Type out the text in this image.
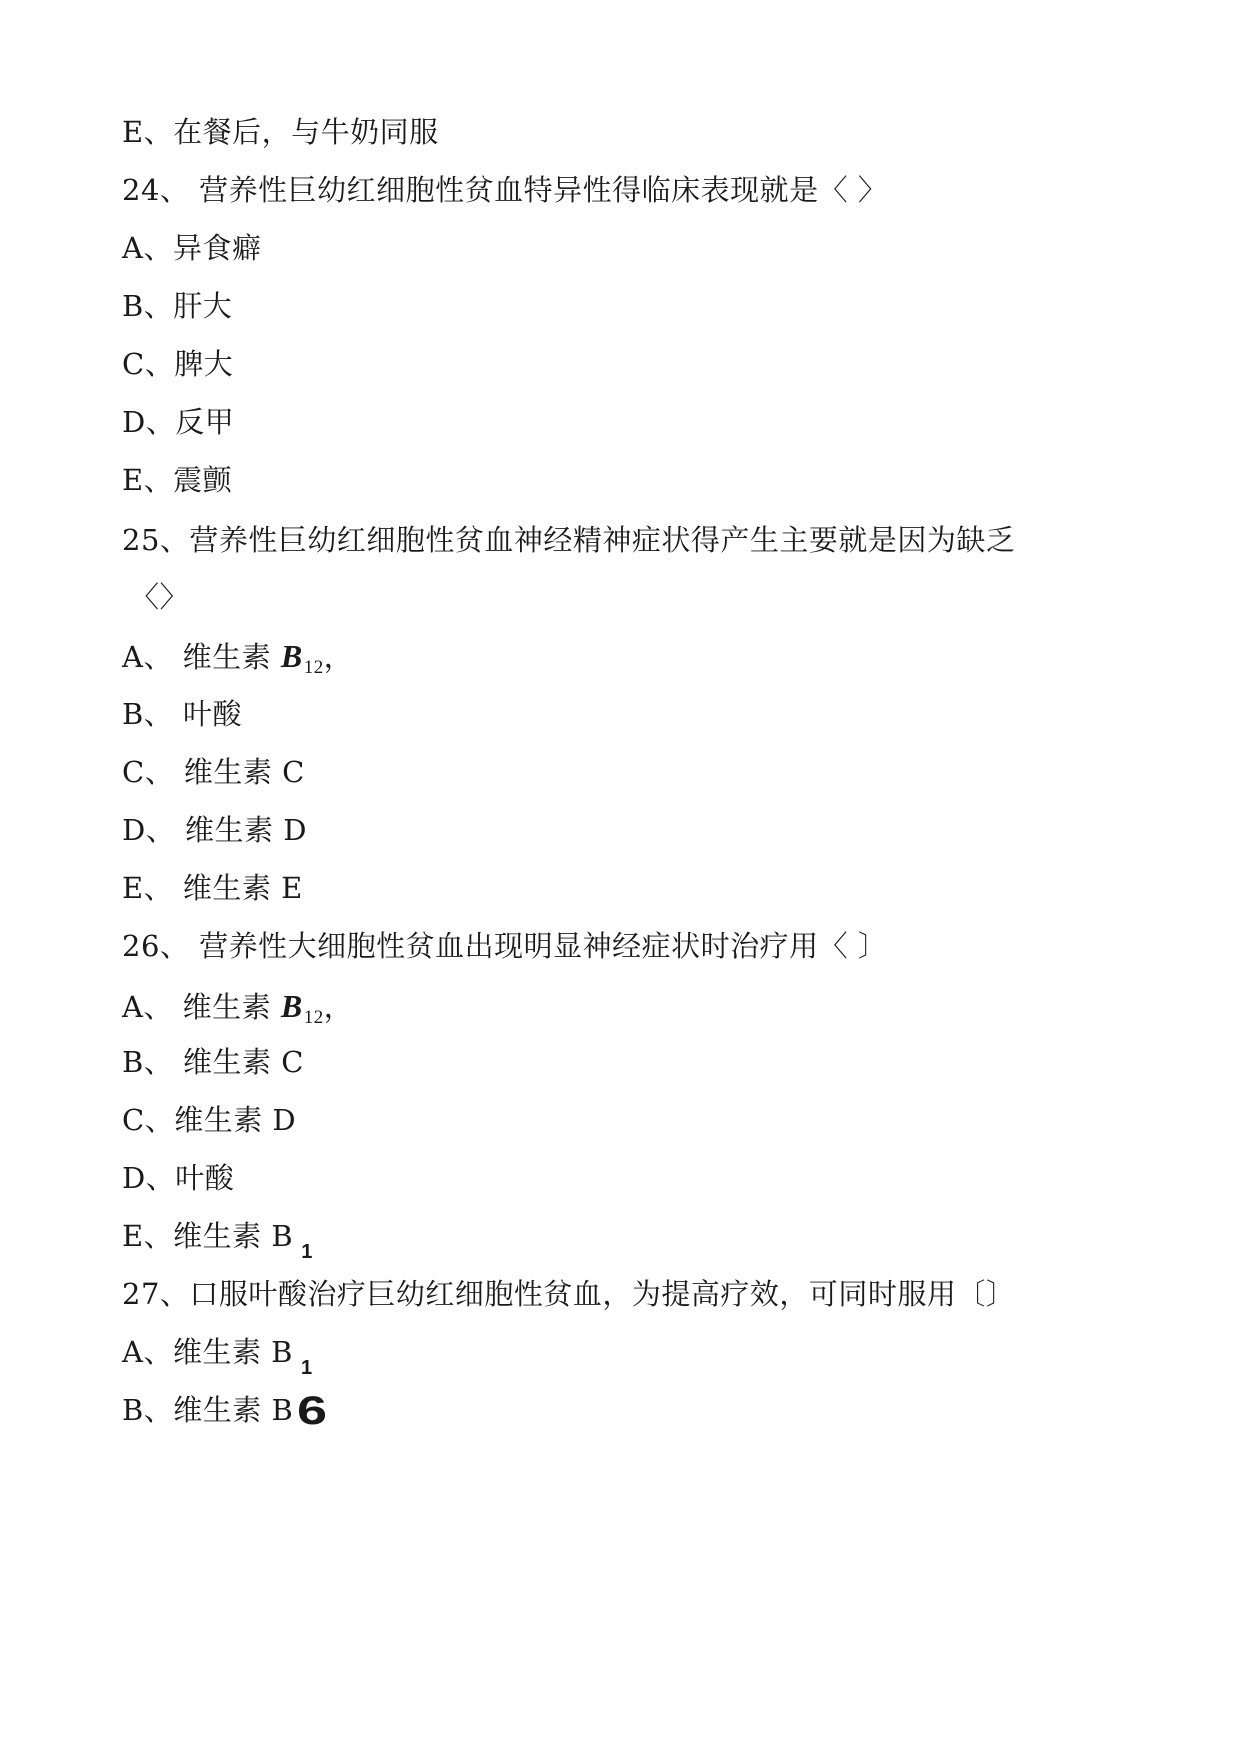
E、在餐后，与牛奶同服
24、 营养性巨幼红细胞性贫血特异性得临床表现就是〈 〉
A、异食癖
B、肝大
C、脾大
D、反甲
E、震颤
25、营养性巨幼红细胞性贫血神经精神症状得产生主要就是因为缺乏
〈〉
A、 维生素 $B_{12}$，
B、 叶酸
C、 维生素 C
D、 维生素 D
E、 维生素 E
26、 营养性大细胞性贫血出现明显神经症状时治疗用〈 〕
A、 维生素 $B_{12}$，
B、 维生素 C
C、维生素 D
D、叶酸
E、维生素 B $_1$
27、口服叶酸治疗巨幼红细胞性贫血，为提高疗效，可同时服用〔〕
A、维生素 B $_1$
B、维生素 B 6
